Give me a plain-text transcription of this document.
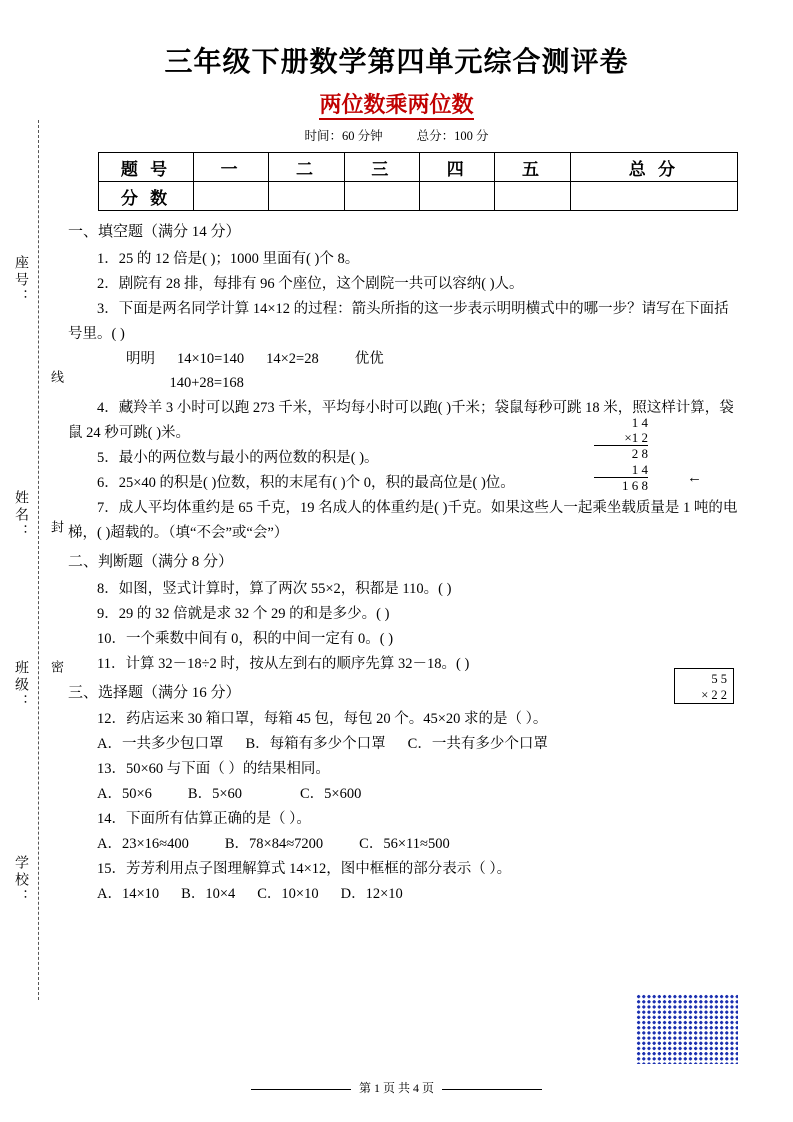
座号：
姓名：
班级：
学校：
线
封
密
三年级下册数学第四单元综合测评卷
两位数乘两位数
时间：60 分钟	总分：100 分
题 号	一	二	三	四	五	总 分
分 数						
一、填空题（满分 14 分）

1．25 的 12 倍是( )；1000 里面有( )个 8。

2．剧院有 28 排，每排有 96 个座位，这个剧院一共可以容纳( )人。

3．下面是两名同学计算 14×12 的过程：箭头所指的这一步表示明明横式中的哪一步？请写在下面括号里。( )

明明 14×10=140 14×2=28 优优

140+28=168

1 4
×1 2
2 8
1 4
1 6 8	←

4．藏羚羊 3 小时可以跑 273 千米，平均每小时可以跑( )千米；袋鼠每秒可跳 18 米，照这样计算，袋鼠 24 秒可跳( )米。

5．最小的两位数与最小的两位数的积是( )。

6．25×40 的积是( )位数，积的末尾有( )个 0，积的最高位是( )位。

7．成人平均体重约是 65 千克，19 名成人的体重约是( )千克。如果这些人一起乘坐载质量是 1 吨的电梯，( )超载的。（填“不会”或“会”）

二、判断题（满分 8 分）

8．如图，竖式计算时，算了两次 55×2，积都是 110。( )

9．29 的 32 倍就是求 32 个 29 的和是多少。( )

10．一个乘数中间有 0，积的中间一定有 0。( )

11．计算 32－18÷2 时，按从左到右的顺序先算 32－18。( )

三、选择题（满分 16 分）

12．药店运来 30 箱口罩，每箱 45 包，每包 20 个。45×20 求的是（ ）。

A．一共多少包口罩 B．每箱有多少个口罩 C．一共有多少个口罩

13．50×60 与下面（ ）的结果相同。

A．50×6 B．5×60	C．5×600

14．下面所有估算正确的是（ ）。

A．23×16≈400 B．78×84≈7200 C．56×11≈500

15．芳芳利用点子图理解算式 14×12，图中框框的部分表示（ ）。

A．14×10 B．10×4 C．10×10 D．12×10

5 5
× 2 2
第 1 页 共 4 页
